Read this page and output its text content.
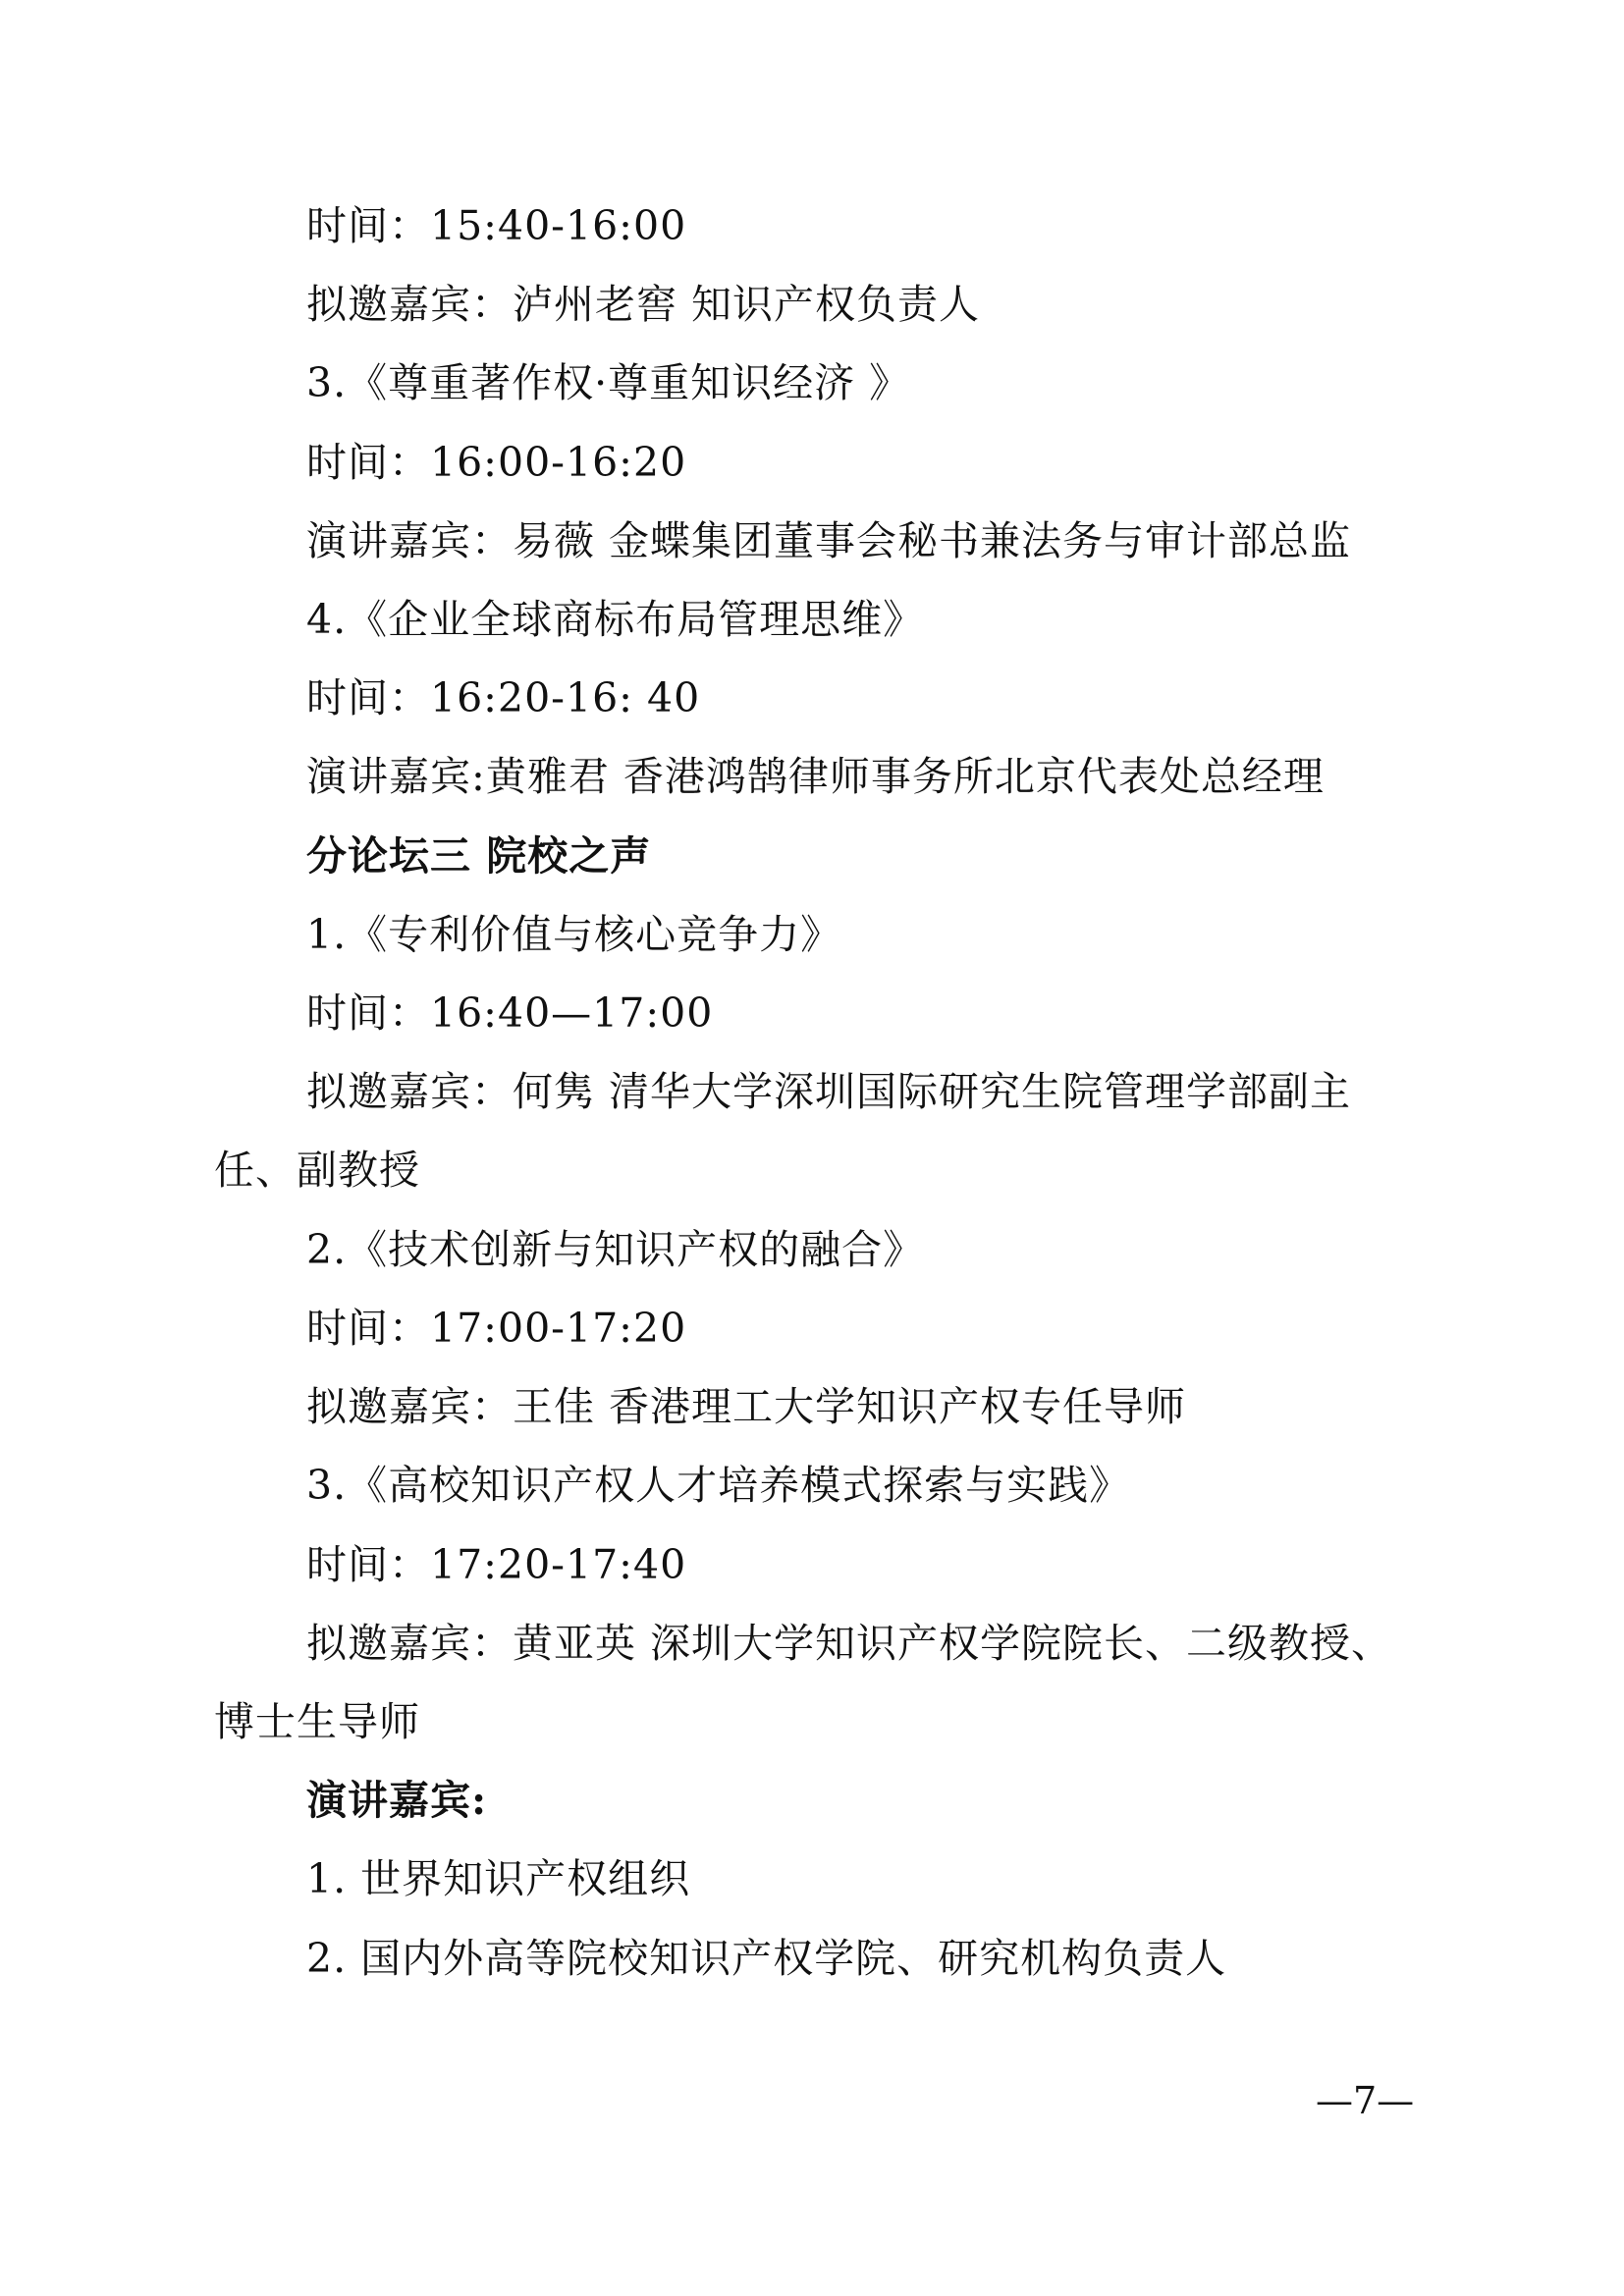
时间：15:40-16:00
拟邀嘉宾：泸州老窖 知识产权负责人
3.《尊重著作权·尊重知识经济 》
时间：16:00-16:20
演讲嘉宾：易薇 金蝶集团董事会秘书兼法务与审计部总监
4.《企业全球商标布局管理思维》
时间：16:20-16: 40
演讲嘉宾:黄雅君 香港鸿鹄律师事务所北京代表处总经理
分论坛三 院校之声
1.《专利价值与核心竞争力》
时间：16:40—17:00
拟邀嘉宾：何隽 清华大学深圳国际研究生院管理学部副主
任、副教授
2.《技术创新与知识产权的融合》
时间：17:00-17:20
拟邀嘉宾：王佳 香港理工大学知识产权专任导师
3.《高校知识产权人才培养模式探索与实践》
时间：17:20-17:40
拟邀嘉宾：黄亚英 深圳大学知识产权学院院长、二级教授、
博士生导师
演讲嘉宾:
1. 世界知识产权组织
2. 国内外高等院校知识产权学院、研究机构负责人
—7—
